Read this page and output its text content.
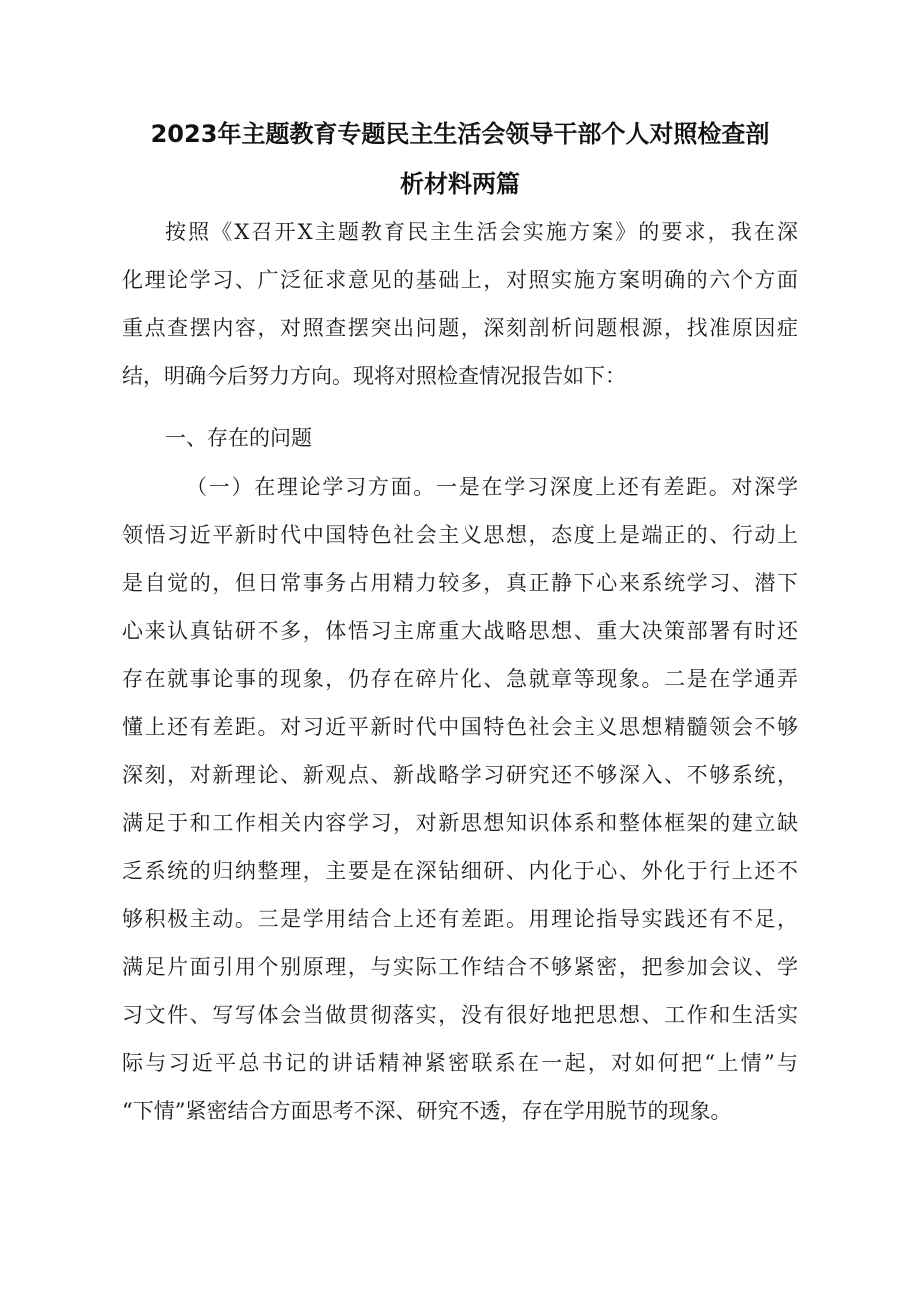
2023年主题教育专题民主生活会领导干部个人对照检查剖
析材料两篇
按照《X召开X主题教育民主生活会实施方案》的要求，我在深
化理论学习、广泛征求意见的基础上，对照实施方案明确的六个方面
重点查摆内容，对照查摆突出问题，深刻剖析问题根源，找准原因症
结，明确今后努力方向。现将对照检查情况报告如下：
一、存在的问题
（一）在理论学习方面。一是在学习深度上还有差距。对深学
领悟习近平新时代中国特色社会主义思想，态度上是端正的、行动上
是自觉的，但日常事务占用精力较多，真正静下心来系统学习、潜下
心来认真钻研不多，体悟习主席重大战略思想、重大决策部署有时还
存在就事论事的现象，仍存在碎片化、急就章等现象。二是在学通弄
懂上还有差距。对习近平新时代中国特色社会主义思想精髓领会不够
深刻，对新理论、新观点、新战略学习研究还不够深入、不够系统，
满足于和工作相关内容学习，对新思想知识体系和整体框架的建立缺
乏系统的归纳整理，主要是在深钻细研、内化于心、外化于行上还不
够积极主动。三是学用结合上还有差距。用理论指导实践还有不足，
满足片面引用个别原理，与实际工作结合不够紧密，把参加会议、学
习文件、写写体会当做贯彻落实，没有很好地把思想、工作和生活实
际与习近平总书记的讲话精神紧密联系在一起，对如何把“上情”与
“下情”紧密结合方面思考不深、研究不透，存在学用脱节的现象。
